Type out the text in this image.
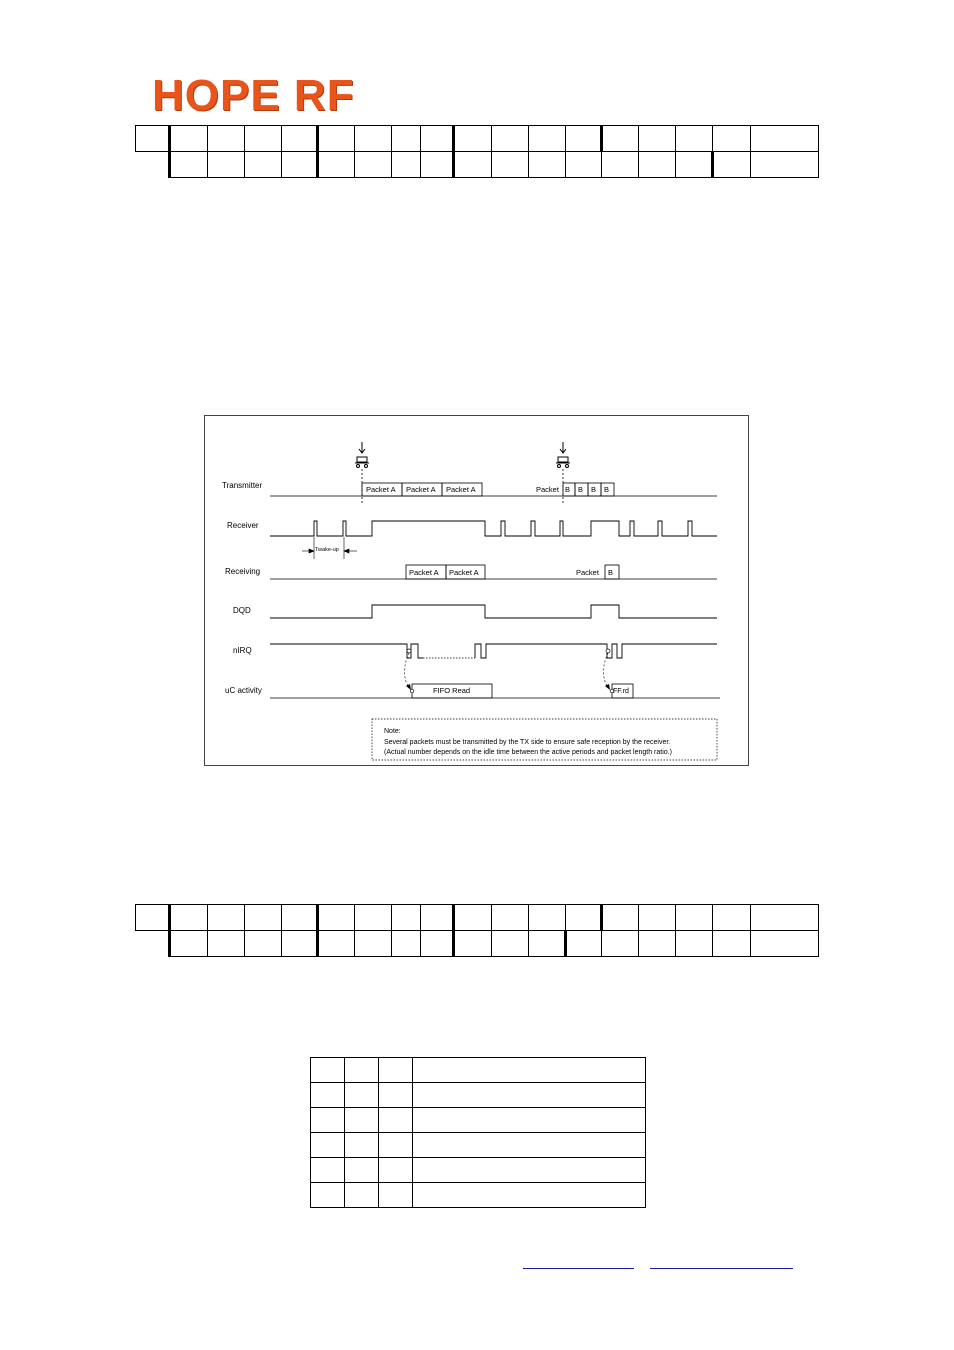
HOPE RF

Transmitter
Receiver
Receiving
DQD
nIRQ
uC activity
Packet A Packet A Packet A	Packet B B B B
Twake-up
Packet A Packet A	Packet B
FIFO Read	FF.rd
Note:
Several packets must be transmitted by the TX side to ensure safe reception by the receiver.
(Actual number depends on the idle time between the active periods and packet length ratio.)
